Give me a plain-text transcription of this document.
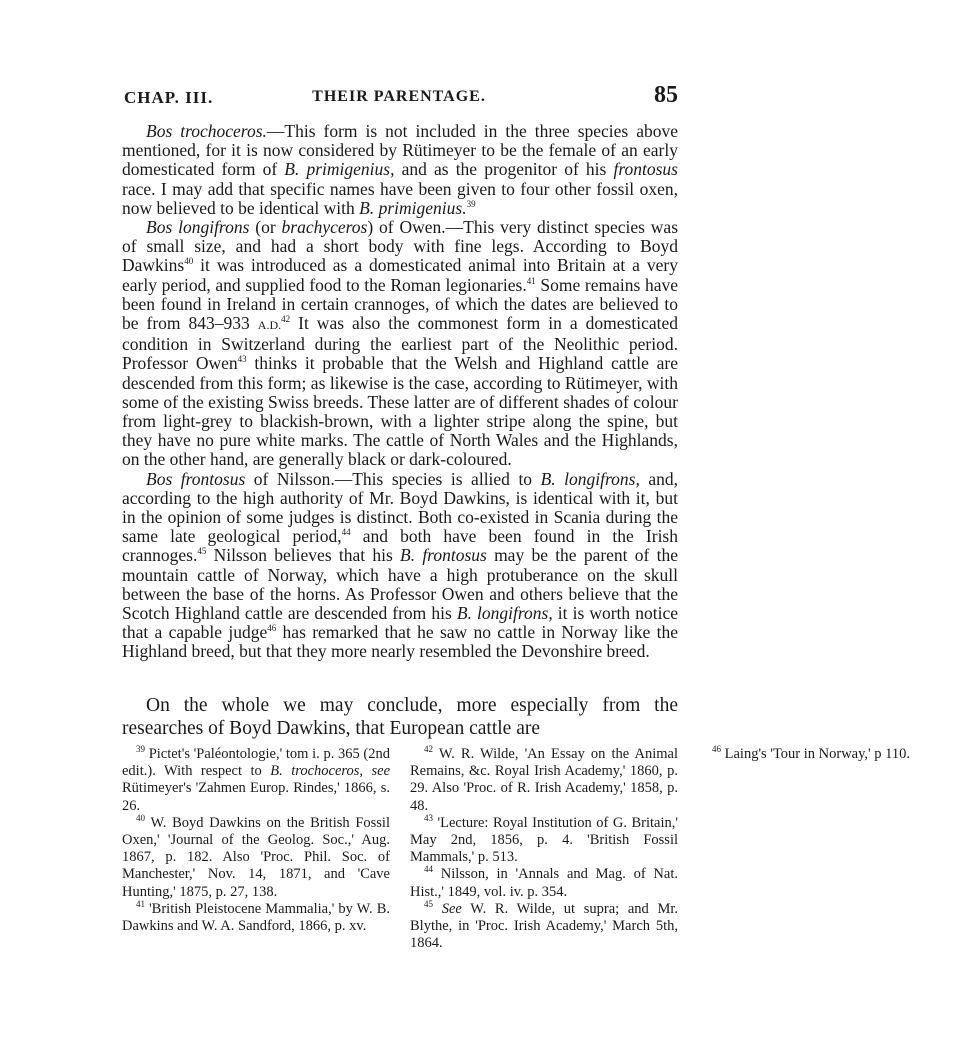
CHAP. III.	THEIR PARENTAGE.	85

Bos trochoceros.—This form is not included in the three species above mentioned, for it is now considered by Rütimeyer to be the female of an early domesticated form of B. primigenius, and as the progenitor of his frontosus race. I may add that specific names have been given to four other fossil oxen, now believed to be identical with B. primigenius.$^{39}$

Bos longifrons (or brachyceros) of Owen.—This very distinct species was of small size, and had a short body with fine legs. According to Boyd Dawkins$^{40}$ it was introduced as a domesticated animal into Britain at a very early period, and supplied food to the Roman legionaries.$^{41}$ Some remains have been found in Ireland in certain crannoges, of which the dates are believed to be from 843–933 A.D.$^{42}$ It was also the commonest form in a domesticated condition in Switzerland during the earliest part of the Neolithic period. Professor Owen$^{43}$ thinks it probable that the Welsh and Highland cattle are descended from this form; as likewise is the case, according to Rütimeyer, with some of the existing Swiss breeds. These latter are of different shades of colour from light-grey to blackish-brown, with a lighter stripe along the spine, but they have no pure white marks. The cattle of North Wales and the Highlands, on the other hand, are generally black or dark-coloured.

Bos frontosus of Nilsson.—This species is allied to B. longifrons, and, according to the high authority of Mr. Boyd Dawkins, is identical with it, but in the opinion of some judges is distinct. Both co-existed in Scania during the same late geological period,$^{44}$ and both have been found in the Irish crannoges.$^{45}$ Nilsson believes that his B. frontosus may be the parent of the mountain cattle of Norway, which have a high protuberance on the skull between the base of the horns. As Professor Owen and others believe that the Scotch Highland cattle are descended from his B. longifrons, it is worth notice that a capable judge$^{46}$ has remarked that he saw no cattle in Norway like the Highland breed, but that they more nearly resembled the Devonshire breed.

On the whole we may conclude, more especially from the researches of Boyd Dawkins, that European cattle are

$^{39}$ Pictet's 'Paléontologie,' tom i. p. 365 (2nd edit.). With respect to B. trochoceros, see Rütimeyer's 'Zahmen Europ. Rindes,' 1866, s. 26.

$^{40}$ W. Boyd Dawkins on the British Fossil Oxen,' 'Journal of the Geolog. Soc.,' Aug. 1867, p. 182. Also 'Proc. Phil. Soc. of Manchester,' Nov. 14, 1871, and 'Cave Hunting,' 1875, p. 27, 138.

$^{41}$ 'British Pleistocene Mammalia,' by W. B. Dawkins and W. A. Sandford, 1866, p. xv.

$^{42}$ W. R. Wilde, 'An Essay on the Animal Remains, &c. Royal Irish Academy,' 1860, p. 29. Also 'Proc. of R. Irish Academy,' 1858, p. 48.

$^{43}$ 'Lecture: Royal Institution of G. Britain,' May 2nd, 1856, p. 4. 'British Fossil Mammals,' p. 513.

$^{44}$ Nilsson, in 'Annals and Mag. of Nat. Hist.,' 1849, vol. iv. p. 354.

$^{45}$ See W. R. Wilde, ut supra; and Mr. Blythe, in 'Proc. Irish Academy,' March 5th, 1864.

$^{46}$ Laing's 'Tour in Norway,' p 110.
